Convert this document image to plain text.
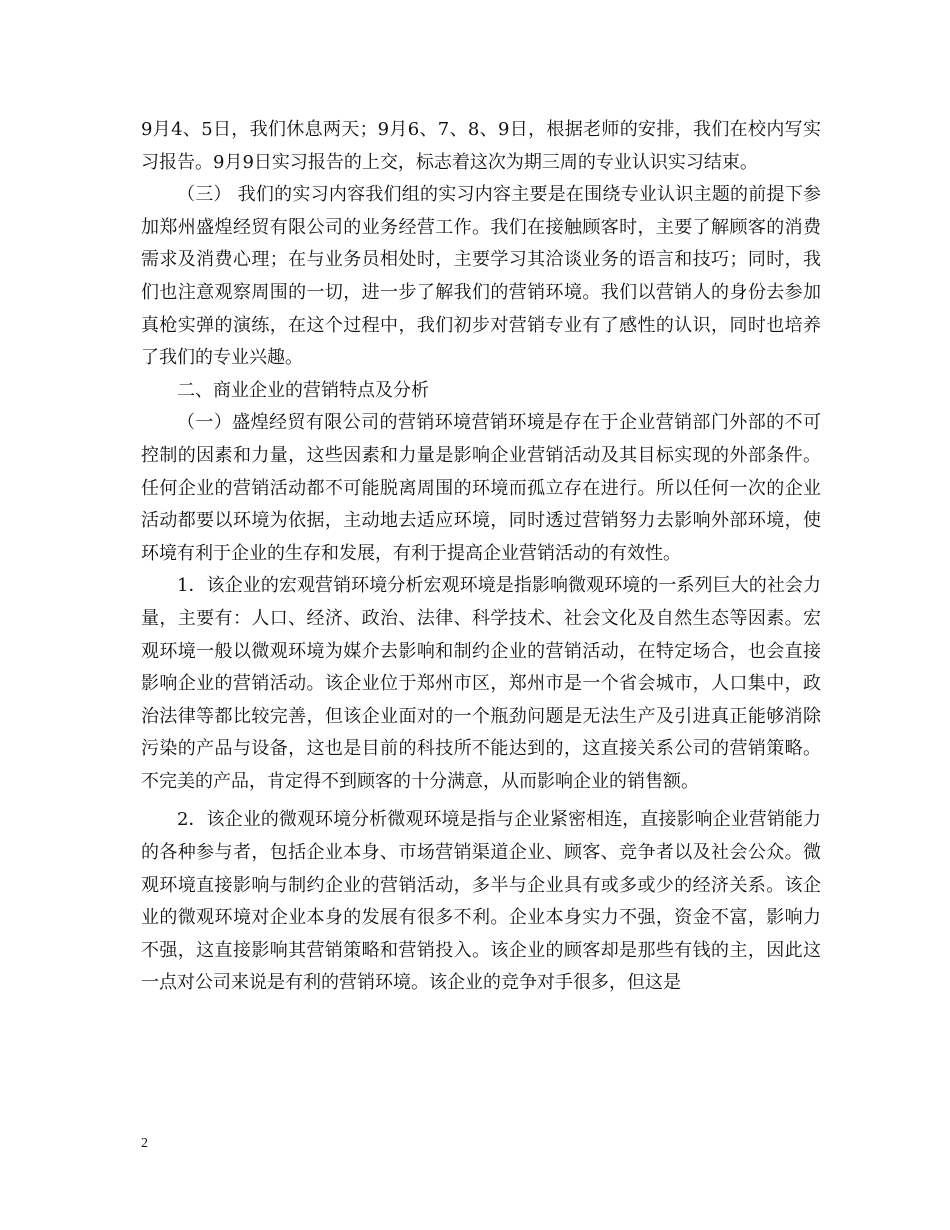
9月4、5日，我们休息两天；9月6、7、8、9日，根据老师的安排，我们在校内写实习报告。9月9日实习报告的上交，标志着这次为期三周的专业认识实习结束。

（三） 我们的实习内容我们组的实习内容主要是在围绕专业认识主题的前提下参加郑州盛煌经贸有限公司的业务经营工作。我们在接触顾客时，主要了解顾客的消费需求及消费心理；在与业务员相处时，主要学习其洽谈业务的语言和技巧；同时，我们也注意观察周围的一切，进一步了解我们的营销环境。我们以营销人的身份去参加真枪实弹的演练，在这个过程中，我们初步对营销专业有了感性的认识，同时也培养了我们的专业兴趣。

二、商业企业的营销特点及分析

（一）盛煌经贸有限公司的营销环境营销环境是存在于企业营销部门外部的不可控制的因素和力量，这些因素和力量是影响企业营销活动及其目标实现的外部条件。任何企业的营销活动都不可能脱离周围的环境而孤立存在进行。所以任何一次的企业活动都要以环境为依据，主动地去适应环境，同时透过营销努力去影响外部环境，使环境有利于企业的生存和发展，有利于提高企业营销活动的有效性。

1．该企业的宏观营销环境分析宏观环境是指影响微观环境的一系列巨大的社会力量，主要有：人口、经济、政治、法律、科学技术、社会文化及自然生态等因素。宏观环境一般以微观环境为媒介去影响和制约企业的营销活动，在特定场合，也会直接影响企业的营销活动。该企业位于郑州市区，郑州市是一个省会城市，人口集中，政治法律等都比较完善，但该企业面对的一个瓶劲问题是无法生产及引进真正能够消除污染的产品与设备，这也是目前的科技所不能达到的，这直接关系公司的营销策略。不完美的产品，肯定得不到顾客的十分满意，从而影响企业的销售额。

2．该企业的微观环境分析微观环境是指与企业紧密相连，直接影响企业营销能力的各种参与者，包括企业本身、市场营销渠道企业、顾客、竞争者以及社会公众。微观环境直接影响与制约企业的营销活动，多半与企业具有或多或少的经济关系。该企业的微观环境对企业本身的发展有很多不利。企业本身实力不强，资金不富，影响力不强，这直接影响其营销策略和营销投入。该企业的顾客却是那些有钱的主，因此这一点对公司来说是有利的营销环境。该企业的竞争对手很多，但这是

2
